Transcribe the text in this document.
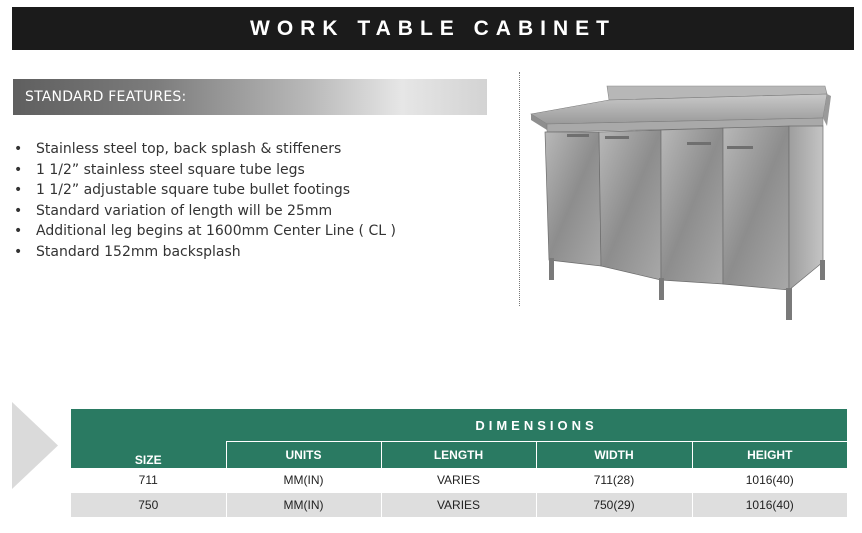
WORK TABLE CABINET
STANDARD FEATURES:
• Stainless steel top, back splash & stiffeners
• 1 1/2” stainless steel square tube legs
• 1 1/2” adjustable square tube bullet footings
• Standard variation of length will be 25mm
• Additional leg begins at 1600mm Center Line ( CL )
• Standard 152mm backsplash
	DIMENSIONS			
SIZE	UNITS	LENGTH	WIDTH	HEIGHT
711	MM(IN)	VARIES	711(28)	1016(40)
750	MM(IN)	VARIES	750(29)	1016(40)
